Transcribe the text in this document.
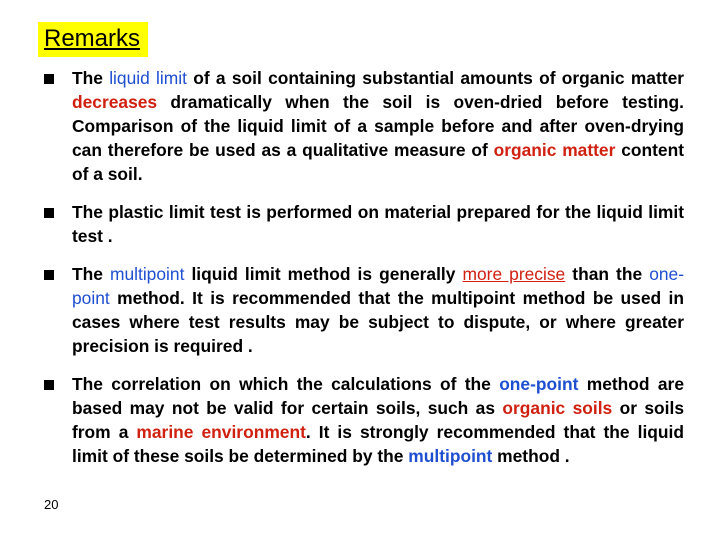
Remarks
The liquid limit of a soil containing substantial amounts of organic matter decreases dramatically when the soil is oven-dried before testing. Comparison of the liquid limit of a sample before and after oven-drying can therefore be used as a qualitative measure of organic matter content of a soil.
The plastic limit test is performed on material prepared for the liquid limit test .
The multipoint liquid limit method is generally more precise than the one-point method. It is recommended that the multipoint method be used in cases where test results may be subject to dispute, or where greater precision is required .
The correlation on which the calculations of the one-point method are based may not be valid for certain soils, such as organic soils or soils from a marine environment. It is strongly recommended that the liquid limit of these soils be determined by the multipoint method .
20
